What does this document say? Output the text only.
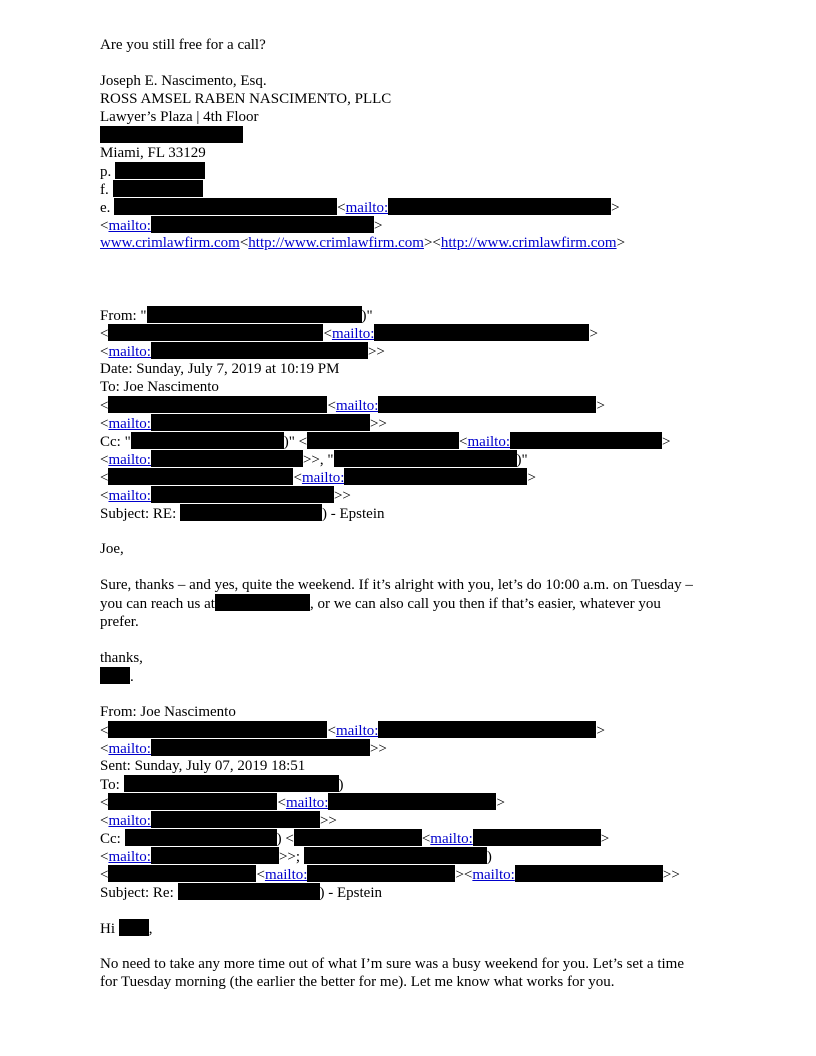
Are you still free for a call?
Joseph E. Nascimento, Esq.
ROSS AMSEL RABEN NASCIMENTO, PLLC
Lawyer’s Plaza | 4th Floor
Miami, FL 33129
p.
f.
e.	<mailto:	>
<mailto:	>
www.crimlawfirm.com<http://www.crimlawfirm.com><http://www.crimlawfirm.com>
From: "	)"
<	<mailto:	>
<mailto:	>>
Date: Sunday, July 7, 2019 at 10:19 PM
To: Joe Nascimento
<	<mailto:	>
<mailto:	>>
Cc: "	)" <	<mailto:	>
<mailto:	>>, "	)"
<	<mailto:	>
<mailto:	>>
Subject: RE:	) - Epstein
Joe,
Sure, thanks – and yes, quite the weekend. If it’s alright with you, let’s do 10:00 a.m. on Tuesday – you can reach us at	, or we can also call you then if that’s easier, whatever you prefer.
thanks,
.
From: Joe Nascimento
<	<mailto:	>
<mailto:	>>
Sent: Sunday, July 07, 2019 18:51
To:	)
<	<mailto:	>
<mailto:	>>
Cc:	) <	<mailto:	>
<mailto:	>>;	)
<	<mailto:	><mailto:	>>
Subject: Re:	) - Epstein
Hi ,
No need to take any more time out of what I’m sure was a busy weekend for you. Let’s set a time for Tuesday morning (the earlier the better for me). Let me know what works for you.
